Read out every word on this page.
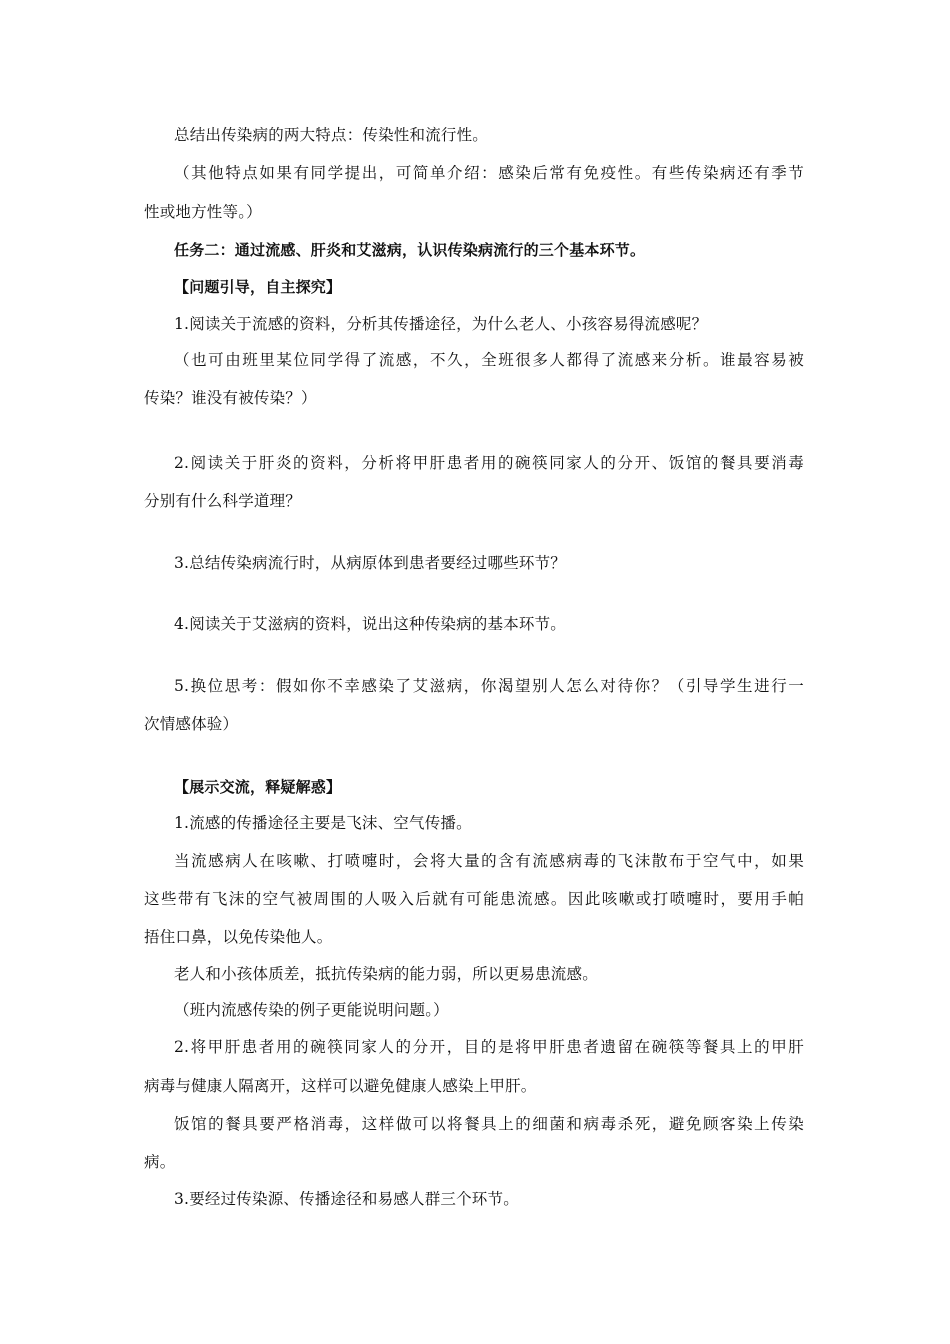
总结出传染病的两大特点：传染性和流行性。
（其他特点如果有同学提出，可简单介绍：感染后常有免疫性。有些传染病还有季节
性或地方性等。）
任务二：通过流感、肝炎和艾滋病，认识传染病流行的三个基本环节。
【问题引导，自主探究】
1.阅读关于流感的资料，分析其传播途径，为什么老人、小孩容易得流感呢？
（也可由班里某位同学得了流感，不久，全班很多人都得了流感来分析。谁最容易被
传染？谁没有被传染？）
2.阅读关于肝炎的资料，分析将甲肝患者用的碗筷同家人的分开、饭馆的餐具要消毒
分别有什么科学道理？
3.总结传染病流行时，从病原体到患者要经过哪些环节？
4.阅读关于艾滋病的资料，说出这种传染病的基本环节。
5.换位思考：假如你不幸感染了艾滋病，你渴望别人怎么对待你？（引导学生进行一
次情感体验）
【展示交流，释疑解惑】
1.流感的传播途径主要是飞沫、空气传播。
当流感病人在咳嗽、打喷嚏时，会将大量的含有流感病毒的飞沫散布于空气中，如果
这些带有飞沫的空气被周围的人吸入后就有可能患流感。因此咳嗽或打喷嚏时，要用手帕
捂住口鼻，以免传染他人。
老人和小孩体质差，抵抗传染病的能力弱，所以更易患流感。
（班内流感传染的例子更能说明问题。）
2.将甲肝患者用的碗筷同家人的分开，目的是将甲肝患者遗留在碗筷等餐具上的甲肝
病毒与健康人隔离开，这样可以避免健康人感染上甲肝。
饭馆的餐具要严格消毒，这样做可以将餐具上的细菌和病毒杀死，避免顾客染上传染
病。
3.要经过传染源、传播途径和易感人群三个环节。
